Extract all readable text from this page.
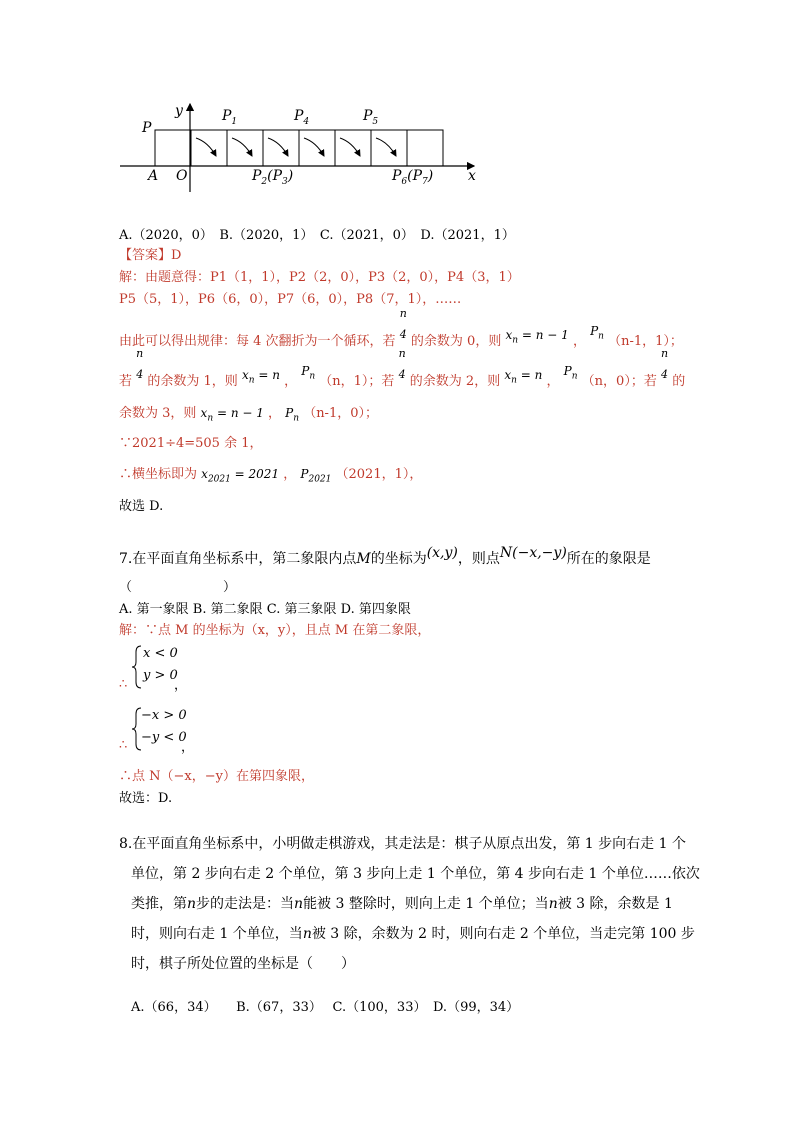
y
x
P
A O
$P_1$	$P_4$	$P_5$
$P_2(P_3)$	$P_6(P_7)$
A.（2020，0）　B.（2020，1）　C.（2021，0）　D.（2021，1）
【答案】D
解：由题意得：P1（1，1），P2（2，0），P3（2，0），P4（3，1）
P5（5，1），P6（6，0），P7（6，0），P8（7，1），……
由此可以得出规律：每 4 次翻折为一个循环，若
n
4 的余数为 0，则 $x_n = n - 1$ ， $P_n$ （n-1，1）；
若
n
4 的余数为 1，则 $x_n = n$ ， $P_n$ （n，1）；若
n
4 的余数为 2，则 $x_n = n$ ， $P_n$ （n，0）；若
n
4 的
余数为 3，则 $x_n = n - 1$ ， $P_n$ （n-1，0）；
∵2021÷4=505 余 1，
∴横坐标即为 $x_{2021} = 2021$ ， $P_{2021}$ （2021，1），
故选 D.
7.在平面直角坐标系中，第二象限内点M的坐标为(x,y)，则点N(−x,−y)所在的象限是
（　　　　　　　）
A. 第一象限 B. 第二象限 C. 第三象限 D. 第四象限
解：∵点 M 的坐标为（x，y），且点 M 在第二象限，
∴
x < 0
y > 0
，
∴
−x > 0
−y < 0
，
∴点 N（−x，−y）在第四象限，
故选：D.
8.在平面直角坐标系中，小明做走棋游戏，其走法是：棋子从原点出发，第 1 步向右走 1 个
单位，第 2 步向右走 2 个单位，第 3 步向上走 1 个单位，第 4 步向右走 1 个单位……依次
类推，第n步的走法是：当n能被 3 整除时，则向上走 1 个单位；当n被 3 除，余数是 1
时，则向右走 1 个单位，当n被 3 除，余数为 2 时，则向右走 2 个单位，当走完第 100 步
时，棋子所处位置的坐标是（　　）
A.（66，34）　　B.（67，33）　 C.（100，33）　D.（99，34）
